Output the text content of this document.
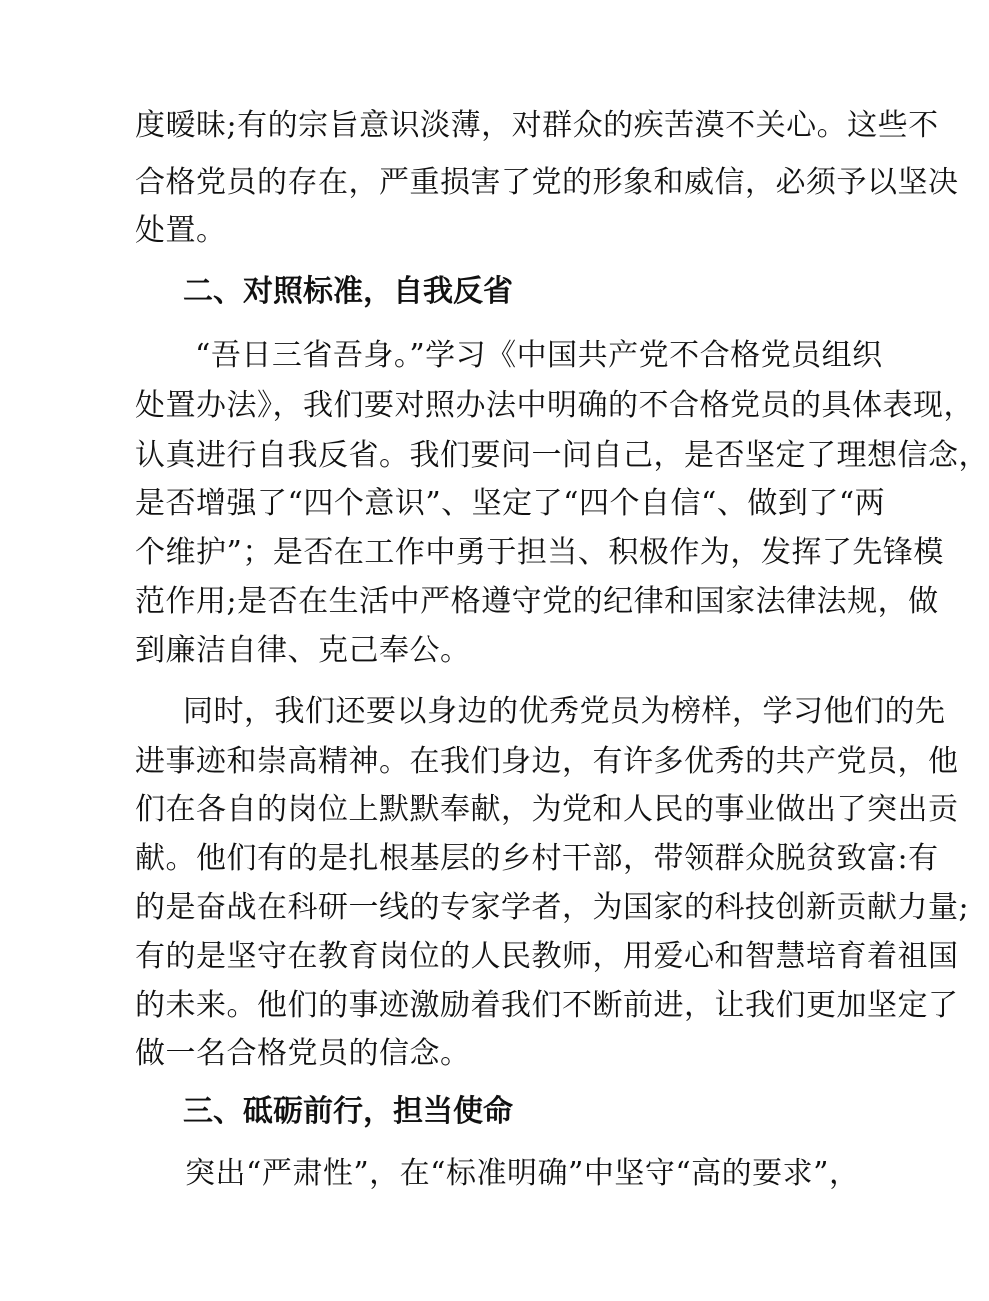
度暧昧;有的宗旨意识淡薄，对群众的疾苦漠不关心。这些不
合格党员的存在，严重损害了党的形象和威信，必须予以坚决
处置。
二、对照标准，自我反省
“吾日三省吾身。”学习《中国共产党不合格党员组织
处置办法》，我们要对照办法中明确的不合格党员的具体表现，
认真进行自我反省。我们要问一问自己，是否坚定了理想信念，
是否增强了“四个意识”、坚定了“四个自信“、做到了“两
个维护”；是否在工作中勇于担当、积极作为，发挥了先锋模
范作用;是否在生活中严格遵守党的纪律和国家法律法规，做
到廉洁自律、克己奉公。
同时，我们还要以身边的优秀党员为榜样，学习他们的先
进事迹和崇高精神。在我们身边，有许多优秀的共产党员，他
们在各自的岗位上默默奉献，为党和人民的事业做出了突出贡
献。他们有的是扎根基层的乡村干部，带领群众脱贫致富:有
的是奋战在科研一线的专家学者，为国家的科技创新贡献力量;
有的是坚守在教育岗位的人民教师，用爱心和智慧培育着祖国
的未来。他们的事迹激励着我们不断前进，让我们更加坚定了
做一名合格党员的信念。
三、砥砺前行，担当使命
突出“严肃性”，在“标准明确”中坚守“高的要求”，
